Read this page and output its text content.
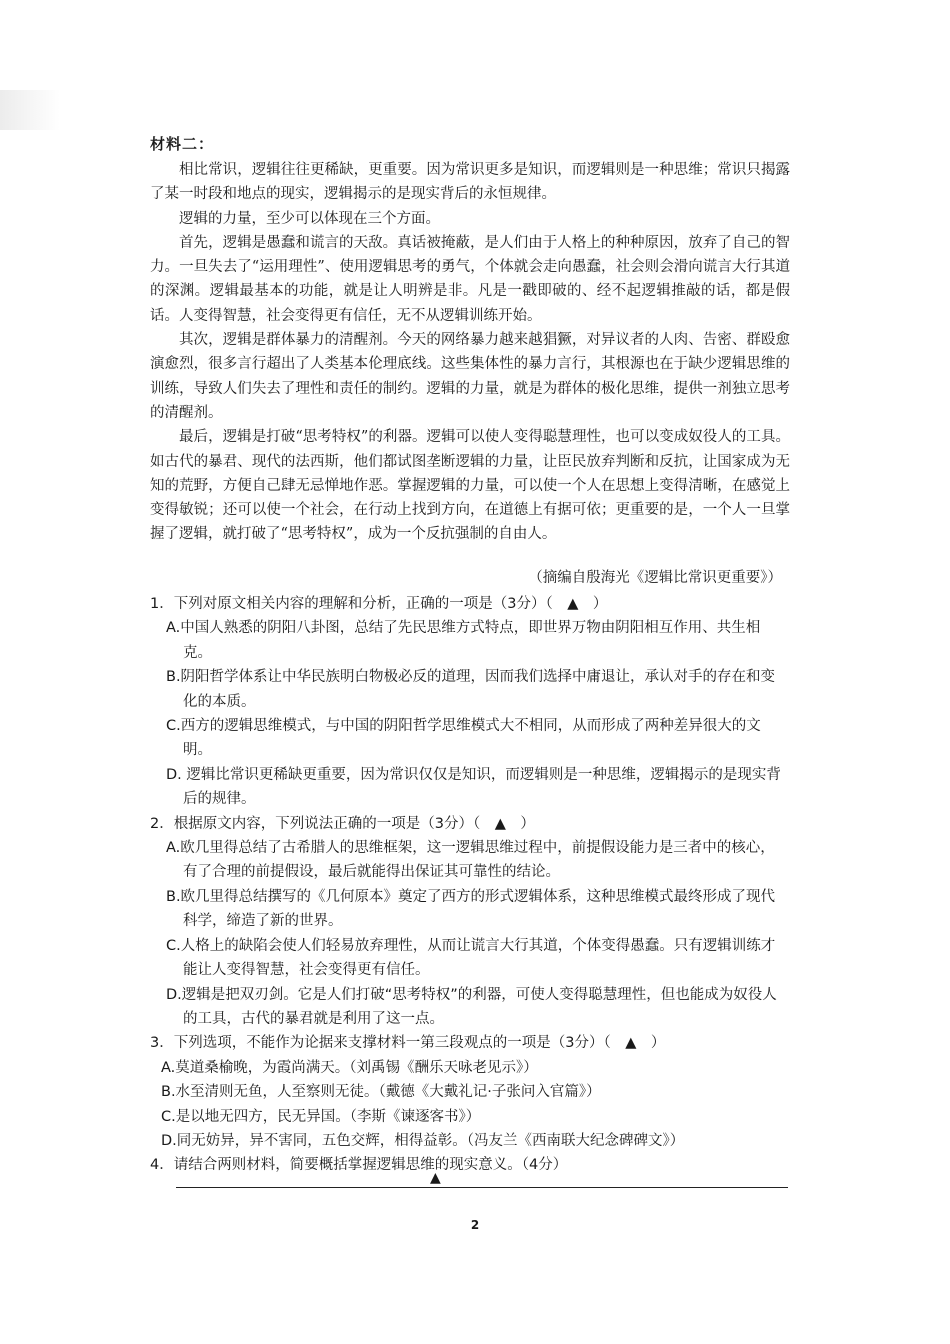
材料二：

相比常识，逻辑往往更稀缺，更重要。因为常识更多是知识，而逻辑则是一种思维；常识只揭露了某一时段和地点的现实，逻辑揭示的是现实背后的永恒规律。

逻辑的力量，至少可以体现在三个方面。

首先，逻辑是愚蠢和谎言的天敌。真话被掩蔽，是人们由于人格上的种种原因，放弃了自己的智力。一旦失去了“运用理性”、使用逻辑思考的勇气，个体就会走向愚蠢，社会则会滑向谎言大行其道的深渊。逻辑最基本的功能，就是让人明辨是非。凡是一戳即破的、经不起逻辑推敲的话，都是假话。人变得智慧，社会变得更有信任，无不从逻辑训练开始。

其次，逻辑是群体暴力的清醒剂。今天的网络暴力越来越猖獗，对异议者的人肉、告密、群殴愈演愈烈，很多言行超出了人类基本伦理底线。这些集体性的暴力言行，其根源也在于缺少逻辑思维的训练，导致人们失去了理性和责任的制约。逻辑的力量，就是为群体的极化思维，提供一剂独立思考的清醒剂。

最后，逻辑是打破“思考特权”的利器。逻辑可以使人变得聪慧理性，也可以变成奴役人的工具。如古代的暴君、现代的法西斯，他们都试图垄断逻辑的力量，让臣民放弃判断和反抗，让国家成为无知的荒野，方便自己肆无忌惮地作恶。掌握逻辑的力量，可以使一个人在思想上变得清晰，在感觉上变得敏锐；还可以使一个社会，在行动上找到方向，在道德上有据可依；更重要的是，一个人一旦掌握了逻辑，就打破了“思考特权”，成为一个反抗强制的自由人。

（摘编自殷海光《逻辑比常识更重要》）

1．下列对原文相关内容的理解和分析，正确的一项是（3分）（　▲　）

A.中国人熟悉的阴阳八卦图，总结了先民思维方式特点，即世界万物由阴阳相互作用、共生相克。

B.阴阳哲学体系让中华民族明白物极必反的道理，因而我们选择中庸退让，承认对手的存在和变化的本质。

C.西方的逻辑思维模式，与中国的阴阳哲学思维模式大不相同，从而形成了两种差异很大的文明。

D. 逻辑比常识更稀缺更重要，因为常识仅仅是知识，而逻辑则是一种思维，逻辑揭示的是现实背后的规律。

2．根据原文内容，下列说法正确的一项是（3分）（　▲　）

A.欧几里得总结了古希腊人的思维框架，这一逻辑思维过程中，前提假设能力是三者中的核心，有了合理的前提假设，最后就能得出保证其可靠性的结论。

B.欧几里得总结撰写的《几何原本》奠定了西方的形式逻辑体系，这种思维模式最终形成了现代科学，缔造了新的世界。

C.人格上的缺陷会使人们轻易放弃理性，从而让谎言大行其道，个体变得愚蠢。只有逻辑训练才能让人变得智慧，社会变得更有信任。

D.逻辑是把双刃剑。它是人们打破“思考特权”的利器，可使人变得聪慧理性，但也能成为奴役人的工具，古代的暴君就是利用了这一点。

3．下列选项，不能作为论据来支撑材料一第三段观点的一项是（3分）（　▲　）

A.莫道桑榆晚，为霞尚满天。（刘禹锡《酬乐天咏老见示》）

B.水至清则无鱼，人至察则无徒。（戴德《大戴礼记·子张问入官篇》）

C.是以地无四方，民无异国。（李斯《谏逐客书》）

D.同无妨异，异不害同，五色交辉，相得益彰。（冯友兰《西南联大纪念碑碑文》）

4．请结合两则材料，简要概括掌握逻辑思维的现实意义。（4分）

▲
2
